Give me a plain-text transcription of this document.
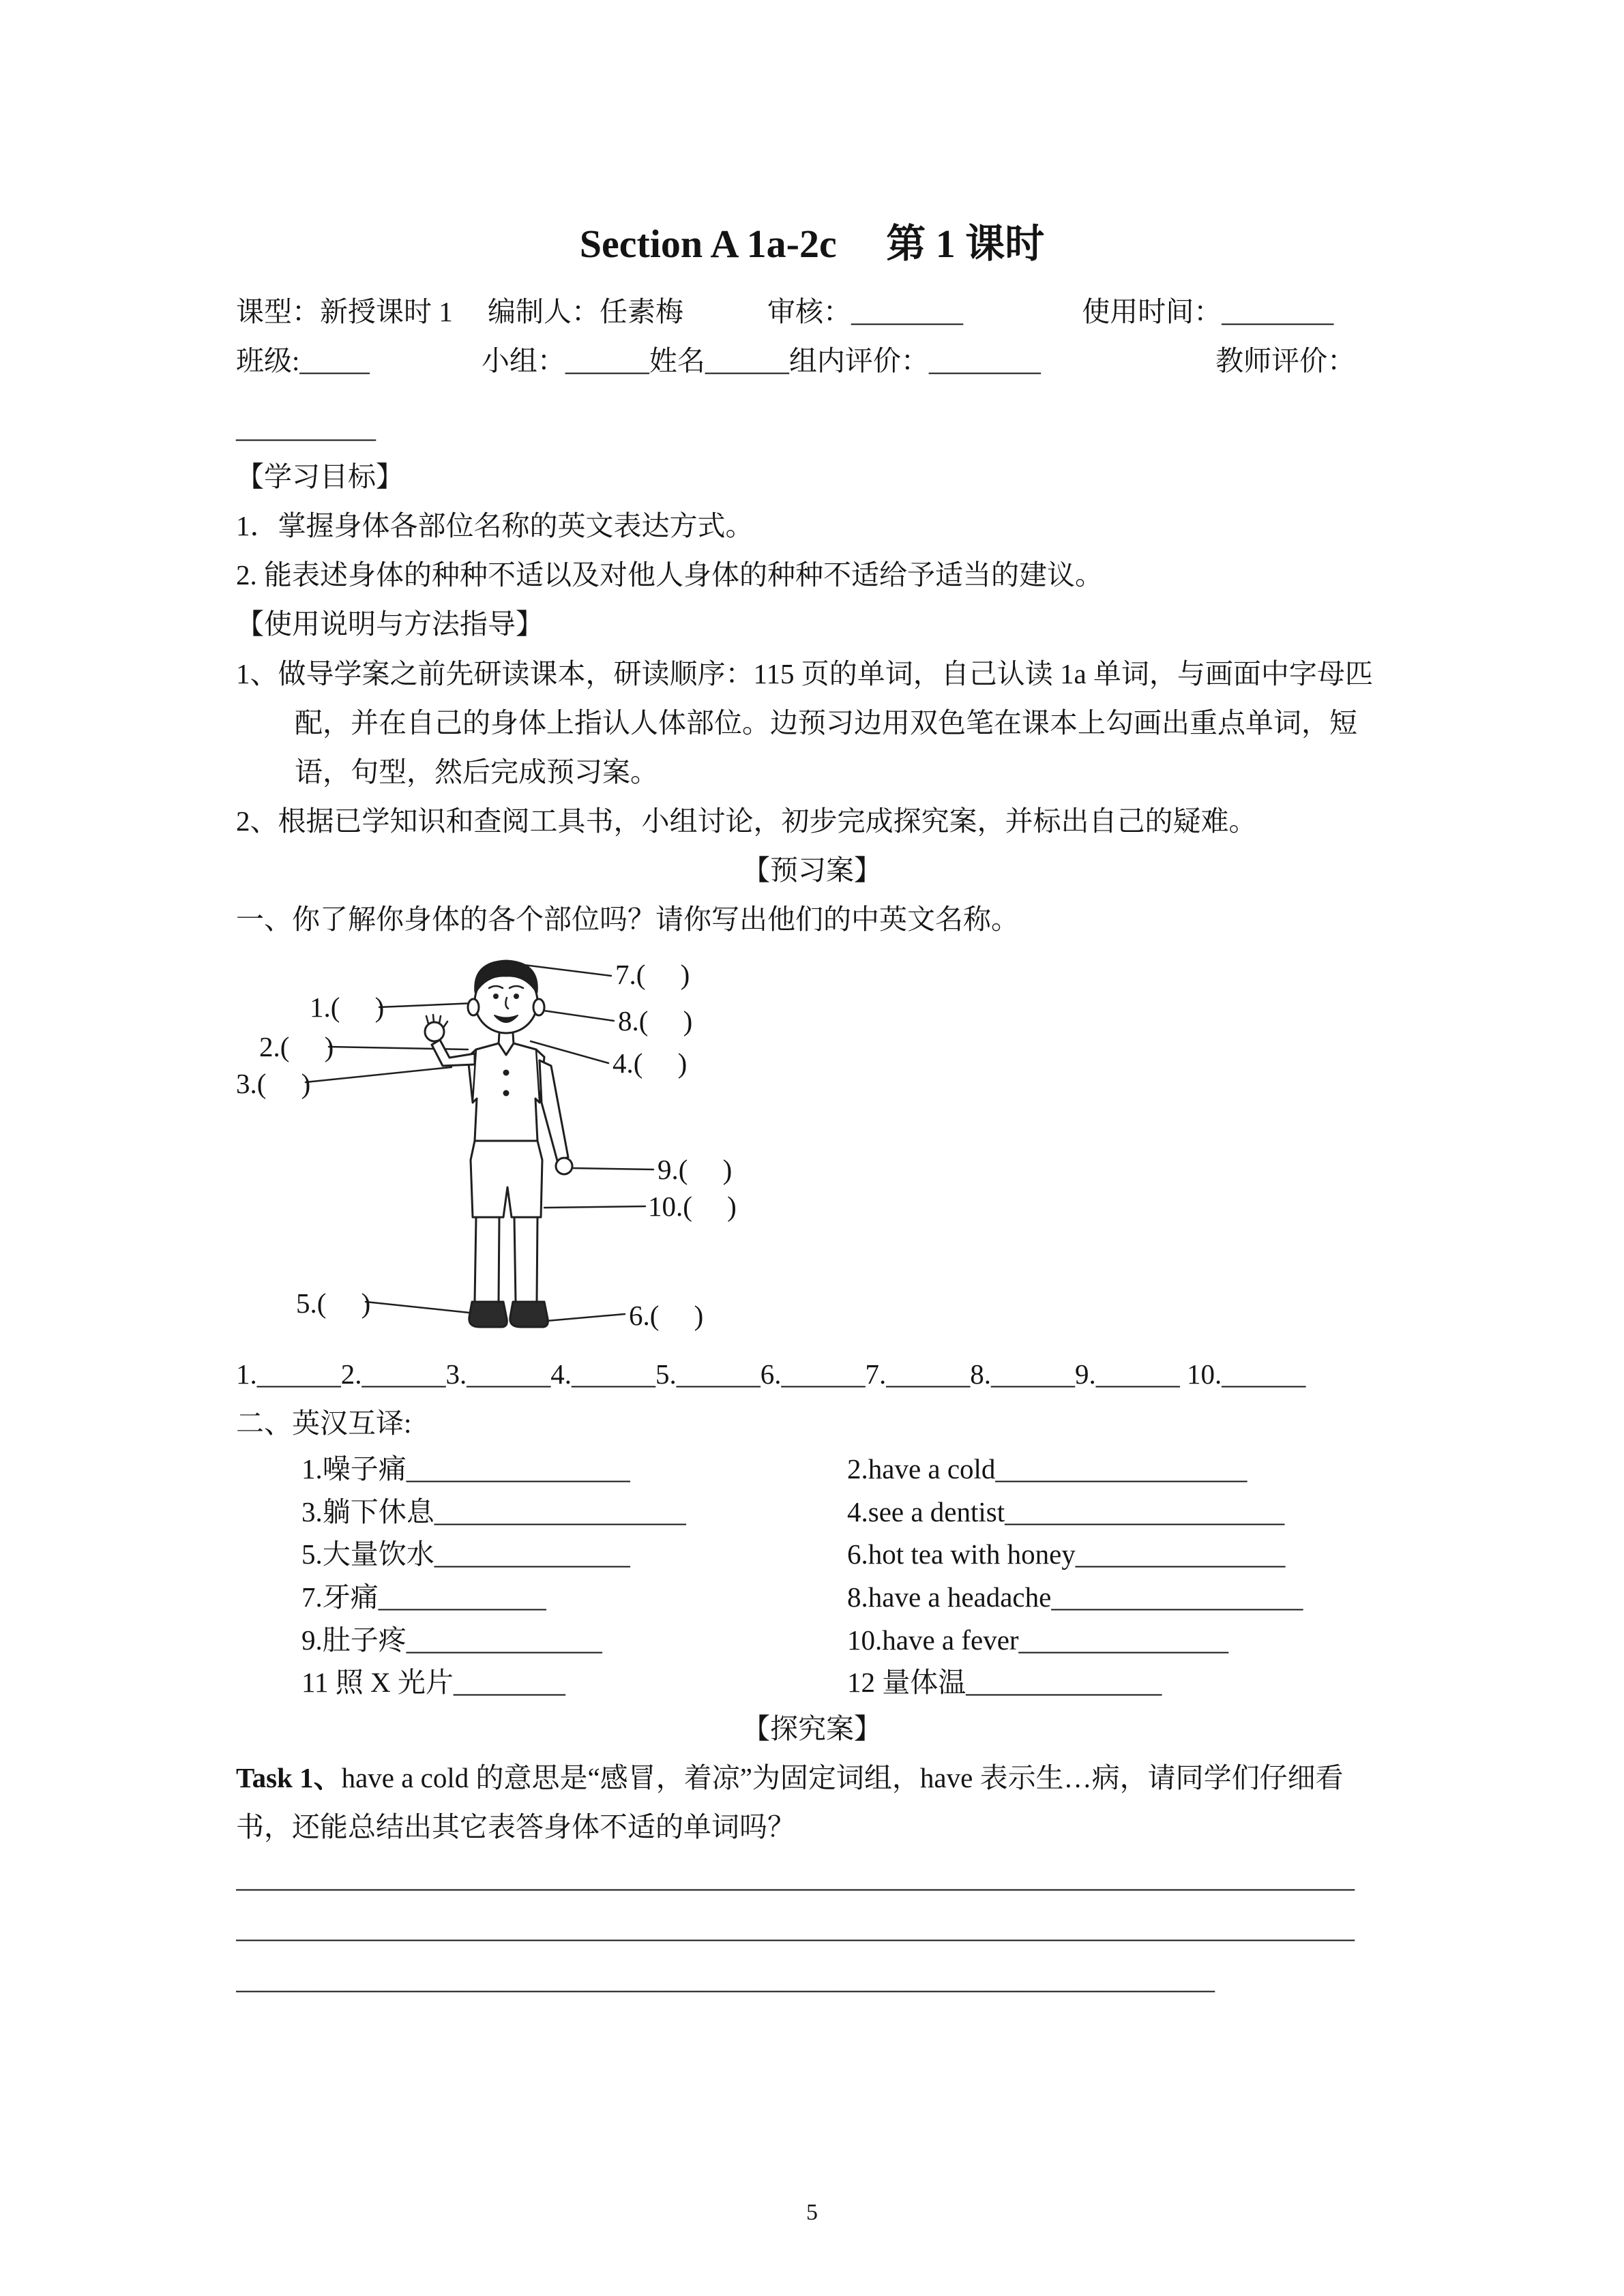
Section A 1a-2c　 第 1 课时
课型：新授课时 1　 编制人：任素梅　　　审核：________　　　　 使用时间：________
班级:_____　　　　小组：______姓名______组内评价：________　　　　　　 教师评价：
__________
【学习目标】
1．掌握身体各部位名称的英文表达方式。
2. 能表述身体的种种不适以及对他人身体的种种不适给予适当的建议。
【使用说明与方法指导】
1、做导学案之前先研读课本，研读顺序：115 页的单词，自己认读 1a 单词，与画面中字母匹配，并在自己的身体上指认人体部位。边预习边用双色笔在课本上勾画出重点单词，短语，句型，然后完成预习案。
2、根据已学知识和查阅工具书，小组讨论，初步完成探究案，并标出自己的疑难。
【预习案】
一、你了解你身体的各个部位吗？请你写出他们的中英文名称。
7.(　 )
1.(　 )	8.(　 )
2.(　 )
4.(　 )
3.(　 )
9.(　 )
10.(　 )
5.(　 )	6.(　 )
1.______2.______3.______4.______5.______6.______7.______8.______9.______ 10.______
二、英汉互译:
1.噪子痛________________	2.have a cold__________________
3.躺下休息__________________	4.see a dentist____________________
5.大量饮水______________	6.hot tea with honey_______________
7.牙痛____________	8.have a headache__________________
9.肚子疼______________	10.have a fever_______________
11 照 X 光片________	12 量体温______________
【探究案】
Task 1、have a cold 的意思是“感冒，着凉”为固定词组，have 表示生…病，请同学们仔细看书，还能总结出其它表答身体不适的单词吗？
________________________________________________________________________________
________________________________________________________________________________
______________________________________________________________________
5
